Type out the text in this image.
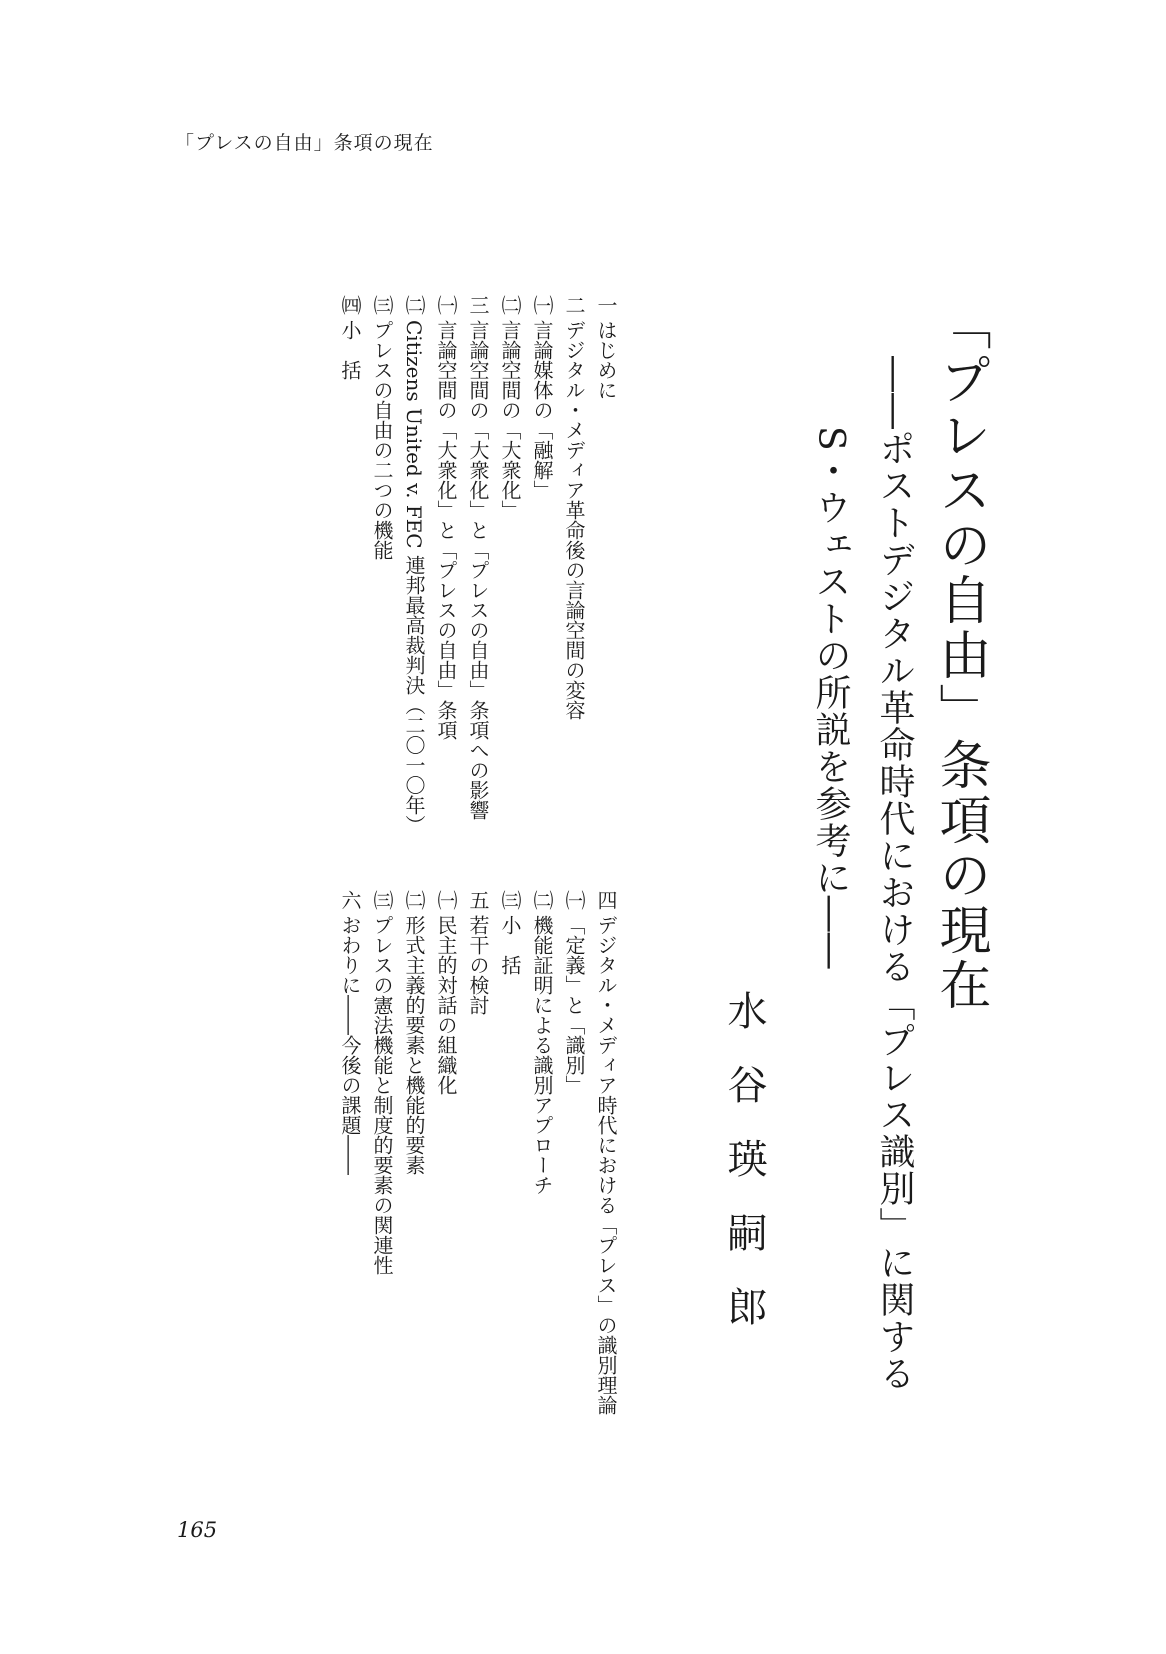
「プレスの自由」条項の現在
「プレスの自由」条項の現在
――ポストデジタル革命時代における「プレス識別」に関する
S・ウェストの所説を参考に――
水谷瑛嗣郎
一
はじめに
二
デジタル・メディア革命後の言論空間の変容
㈠
言論媒体の「融解」
㈡
言論空間の「大衆化」
三
言論空間の「大衆化」と「プレスの自由」条項への影響
㈠
言論空間の「大衆化」と「プレスの自由」条項
㈡
Citizens United v. FEC 連邦最高裁判決（二〇一〇年）
㈢
プレスの自由の二つの機能
㈣
小　括
四
デジタル・メディア時代における「プレス」の識別理論
㈠
「定義」と「識別」
㈡
機能証明による識別アプローチ
㈢
小　括
五
若干の検討
㈠
民主的対話の組織化
㈡
形式主義的要素と機能的要素
㈢
プレスの憲法機能と制度的要素の関連性
六
おわりに――今後の課題――
165
